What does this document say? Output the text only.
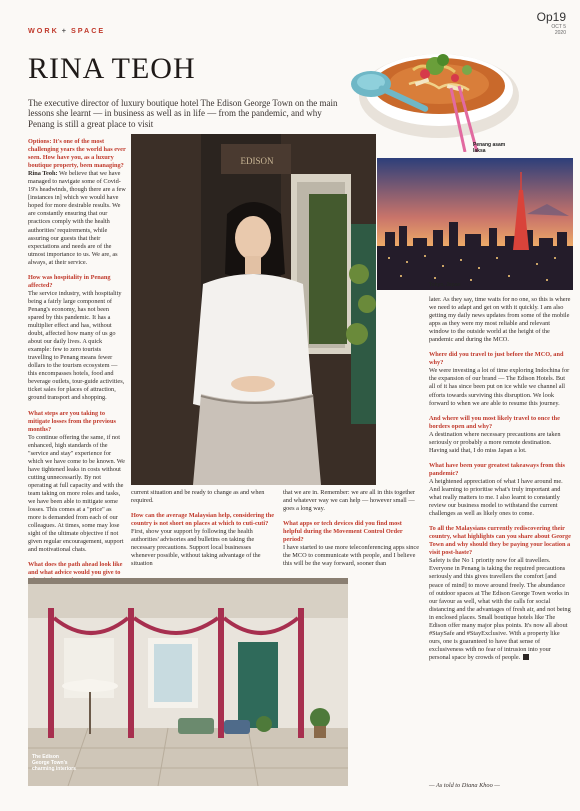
WORK + SPACE
Op19
OCT 5
2020
RINA TEOH
The executive director of luxury boutique hotel The Edison George Town on the main lessons she learnt — in business as well as in life — from the pandemic, and why Penang is still a great place to visit
Penang asam laksa
Tokyo, Japan
EDISON

Options: It's one of the most challenging years the world has ever seen. How have you, as a luxury boutique property, been managing?

Rina Teoh: We believe that we have managed to navigate some of Covid-19's headwinds, though there are a few [instances in] which we would have hoped for more desirable results. We are constantly ensuring that our practices comply with the health authorities' requirements, while assuring our guests that their expectations and needs are of the utmost importance to us. We are, as always, at their service.

How was hospitality in Penang affected?

The service industry, with hospitality being a fairly large component of Penang's economy, has not been spared by this pandemic. It has a multiplier effect and has, without doubt, affected how many of us go about our daily lives. A quick example: few to zero tourists travelling to Penang means fewer dollars to the tourism ecosystem — this encompasses hotels, food and beverage outlets, tour-guide activities, ticket sales for places of attraction, ground transport and shopping.

What steps are you taking to mitigate losses from the previous months?

To continue offering the same, if not enhanced, high standards of the "service and stay" experience for which we have come to be known. We have tightened leaks in costs without cutting unnecessarily. By not operating at full capacity and with the team taking on more roles and tasks, we have been able to mitigate some losses. This comes at a "price" as more is demanded from each of our colleagues. At times, some may lose sight of the ultimate objective if not given regular encouragement, support and motivational chats.

What does the path ahead look like and what advice would you give to

current situation and be ready to change as and when required.

How can the average Malaysian help, considering the country is not short on places at which to cuti-cuti?

First, show your support by following the health authorities' advisories and bulletins on taking the necessary precautions. Support local businesses whenever possible, without taking advantage of the situation

that we are in. Remember: we are all in this together and whatever way we can help — however small — goes a long way.

What apps or tech devices did you find most helpful during the Movement Control Order period?

I have started to use more teleconferencing apps since the MCO to communicate with people, and I believe this will be the way forward, sooner than

later. As they say, time waits for no one, so this is where we need to adapt and get on with it quickly. I am also getting my daily news updates from some of the mobile apps as they were my most reliable and relevant window to the outside world at the height of the pandemic and during the MCO.

Where did you travel to just before the MCO, and why?

We were investing a lot of time exploring Indochina for the expansion of our brand — The Edison Hotels. But all of it has since been put on ice while we channel all efforts towards surviving this disruption. We look forward to when we are able to resume this journey.

And where will you most likely travel to once the borders open and why?

A destination where necessary precautions are taken seriously or probably a more remote destination. Having said that, I do miss Japan a lot.

What have been your greatest takeaways from this pandemic?

A heightened appreciation of what I have around me. And learning to prioritise what's truly important and what really matters to me. I also learnt to constantly review our business model to withstand the current challenges as well as likely ones to come.

To all the Malaysians currently rediscovering their country, what highlights can you share about George Town and why should they be paying your location a visit post-haste?

Safety is the No 1 priority now for all travellers. Everyone in Penang is taking the required precautions seriously and this gives travellers the comfort [and peace of mind] to move around freely. The abundance of outdoor spaces at The Edison George Town works in our favour as well, what with the calls for social distancing and the advantages of fresh air, and not being in enclosed places. Small boutique hotels like The Edison offer many major plus points. It's now all about #StaySafe and #StayExclusive. With a property like ours, one is guaranteed to have that sense of exclusiveness with no fear of intrusion into your personal space by crowds of people.

The Edison George Town's charming interiors
— As told to Diana Khoo —
